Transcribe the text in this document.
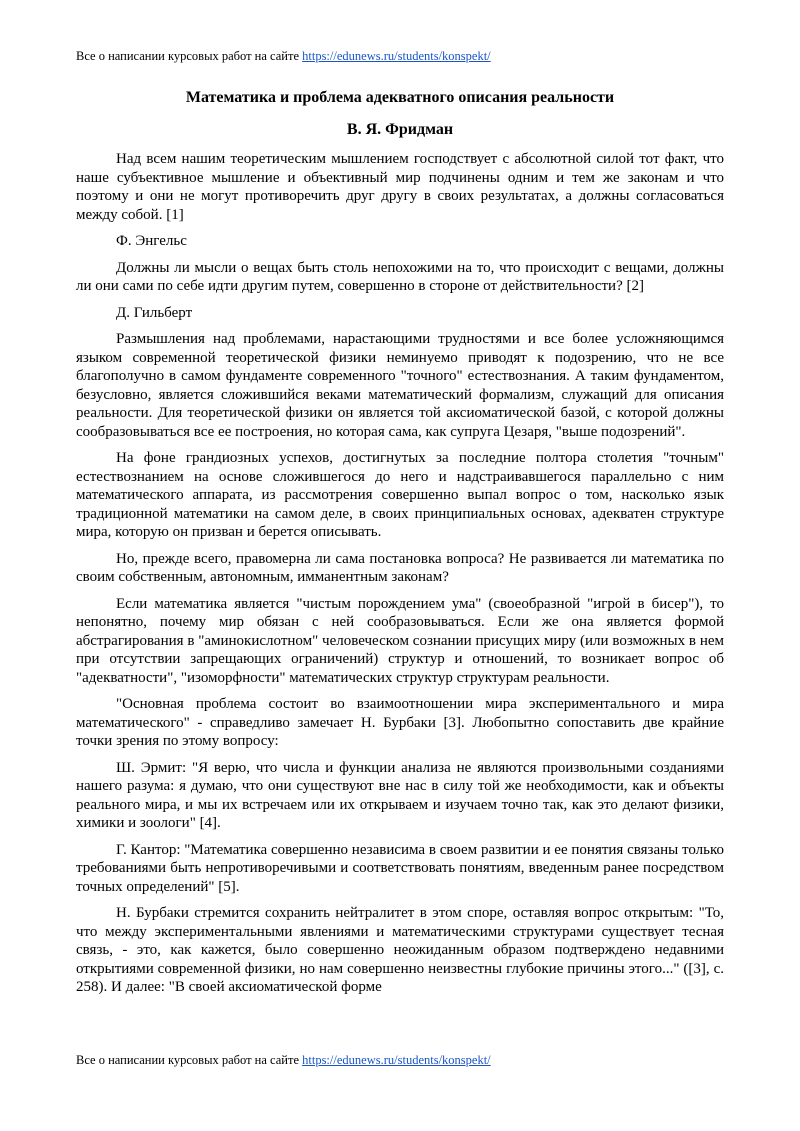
Все о написании курсовых работ на сайте https://edunews.ru/students/konspekt/
Математика и проблема адекватного описания реальности
В. Я. Фридман

Над всем нашим теоретическим мышлением господствует с абсолютной силой тот факт, что наше субъективное мышление и объективный мир подчинены одним и тем же законам и что поэтому и они не могут противоречить друг другу в своих результатах, а должны согласоваться между собой. [1]

Ф. Энгельс

Должны ли мысли о вещах быть столь непохожими на то, что происходит с вещами, должны ли они сами по себе идти другим путем, совершенно в стороне от действительности? [2]

Д. Гильберт

Размышления над проблемами, нарастающими трудностями и все более усложняющимся языком современной теоретической физики неминуемо приводят к подозрению, что не все благополучно в самом фундаменте современного "точного" естествознания. А таким фундаментом, безусловно, является сложившийся веками математический формализм, служащий для описания реальности. Для теоретической физики он является той аксиоматической базой, с которой должны сообразовываться все ее построения, но которая сама, как супруга Цезаря, "выше подозрений".

На фоне грандиозных успехов, достигнутых за последние полтора столетия "точным" естествознанием на основе сложившегося до него и надстраивавшегося параллельно с ним математического аппарата, из рассмотрения совершенно выпал вопрос о том, насколько язык традиционной математики на самом деле, в своих принципиальных основах, адекватен структуре мира, которую он призван и берется описывать.

Но, прежде всего, правомерна ли сама постановка вопроса? Не развивается ли математика по своим собственным, автономным, имманентным законам?

Если математика является "чистым порождением ума" (своеобразной "игрой в бисер"), то непонятно, почему мир обязан с ней сообразовываться. Если же она является формой абстрагирования в "аминокислотном" человеческом сознании присущих миру (или возможных в нем при отсутствии запрещающих ограничений) структур и отношений, то возникает вопрос об "адекватности", "изоморфности" математических структур структурам реальности.

"Основная проблема состоит во взаимоотношении мира экспериментального и мира математического" - справедливо замечает Н. Бурбаки [3]. Любопытно сопоставить две крайние точки зрения по этому вопросу:

Ш. Эрмит: "Я верю, что числа и функции анализа не являются произвольными созданиями нашего разума: я думаю, что они существуют вне нас в силу той же необходимости, как и объекты реального мира, и мы их встречаем или их открываем и изучаем точно так, как это делают физики, химики и зоологи" [4].

Г. Кантор: "Математика совершенно независима в своем развитии и ее понятия связаны только требованиями быть непротиворечивыми и соответствовать понятиям, введенным ранее посредством точных определений" [5].

Н. Бурбаки стремится сохранить нейтралитет в этом споре, оставляя вопрос открытым: "То, что между экспериментальными явлениями и математическими структурами существует тесная связь, - это, как кажется, было совершенно неожиданным образом подтверждено недавними открытиями современной физики, но нам совершенно неизвестны глубокие причины этого..." ([3], с. 258). И далее: "В своей аксиоматической форме

Все о написании курсовых работ на сайте https://edunews.ru/students/konspekt/
